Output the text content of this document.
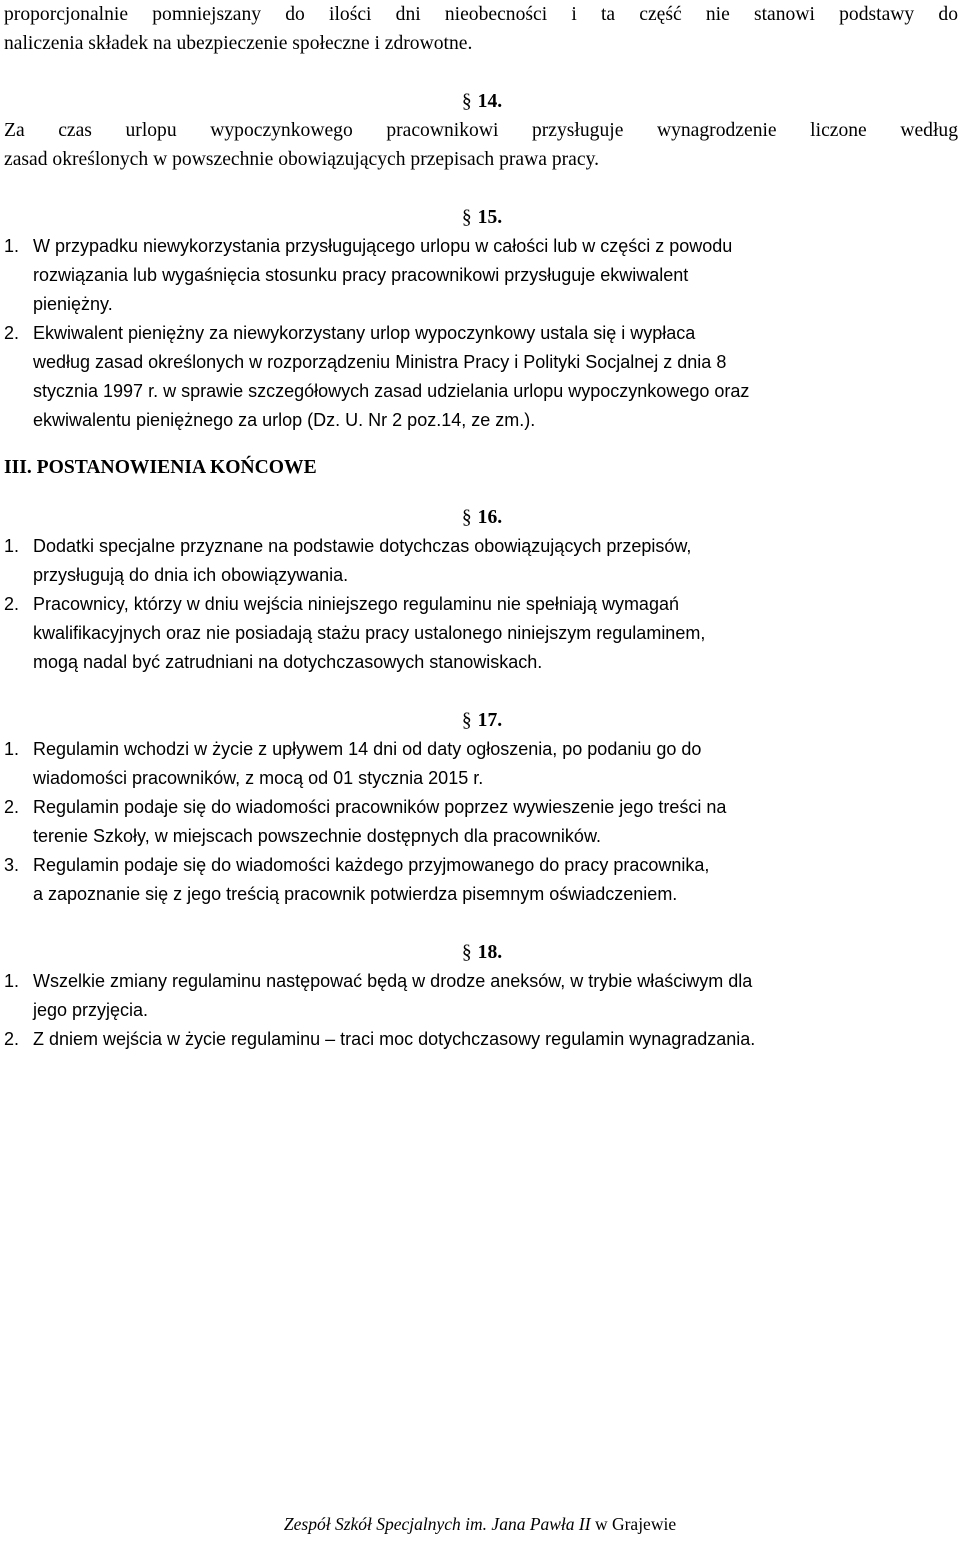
proporcjonalnie pomniejszany do ilości dni nieobecności i ta część nie stanowi podstawy do

naliczenia składek na ubezpieczenie społeczne i zdrowotne.

§ 14.

Za czas urlopu wypoczynkowego pracownikowi przysługuje wynagrodzenie liczone według

zasad określonych w powszechnie obowiązujących przepisach prawa pracy.

§ 15.
1. W przypadku niewykorzystania przysługującego urlopu w całości lub w części z powodu
rozwiązania lub wygaśnięcia stosunku pracy pracownikowi przysługuje ekwiwalent
pieniężny.
2. Ekwiwalent pieniężny za niewykorzystany urlop wypoczynkowy ustala się i wypłaca
według zasad określonych w rozporządzeniu Ministra Pracy i Polityki Socjalnej z dnia 8
stycznia 1997 r. w sprawie szczegółowych zasad udzielania urlopu wypoczynkowego oraz
ekwiwalentu pieniężnego za urlop (Dz. U. Nr 2 poz.14, ze zm.).
III. POSTANOWIENIA KOŃCOWE
§ 16.
1. Dodatki specjalne przyznane na podstawie dotychczas obowiązujących przepisów,
przysługują do dnia ich obowiązywania.
2. Pracownicy, którzy w dniu wejścia niniejszego regulaminu nie spełniają wymagań
kwalifikacyjnych oraz nie posiadają stażu pracy ustalonego niniejszym regulaminem,
mogą nadal być zatrudniani na dotychczasowych stanowiskach.
§ 17.
1. Regulamin wchodzi w życie z upływem 14 dni od daty ogłoszenia, po podaniu go do
wiadomości pracowników, z mocą od 01 stycznia 2015 r.
2. Regulamin podaje się do wiadomości pracowników poprzez wywieszenie jego treści na
terenie Szkoły, w miejscach powszechnie dostępnych dla pracowników.
3. Regulamin podaje się do wiadomości każdego przyjmowanego do pracy pracownika,
a zapoznanie się z jego treścią pracownik potwierdza pisemnym oświadczeniem.
§ 18.
1. Wszelkie zmiany regulaminu następować będą w drodze aneksów, w trybie właściwym dla
jego przyjęcia.
2. Z dniem wejścia w życie regulaminu – traci moc dotychczasowy regulamin wynagradzania.
Zespół Szkół Specjalnych im. Jana Pawła II w Grajewie
